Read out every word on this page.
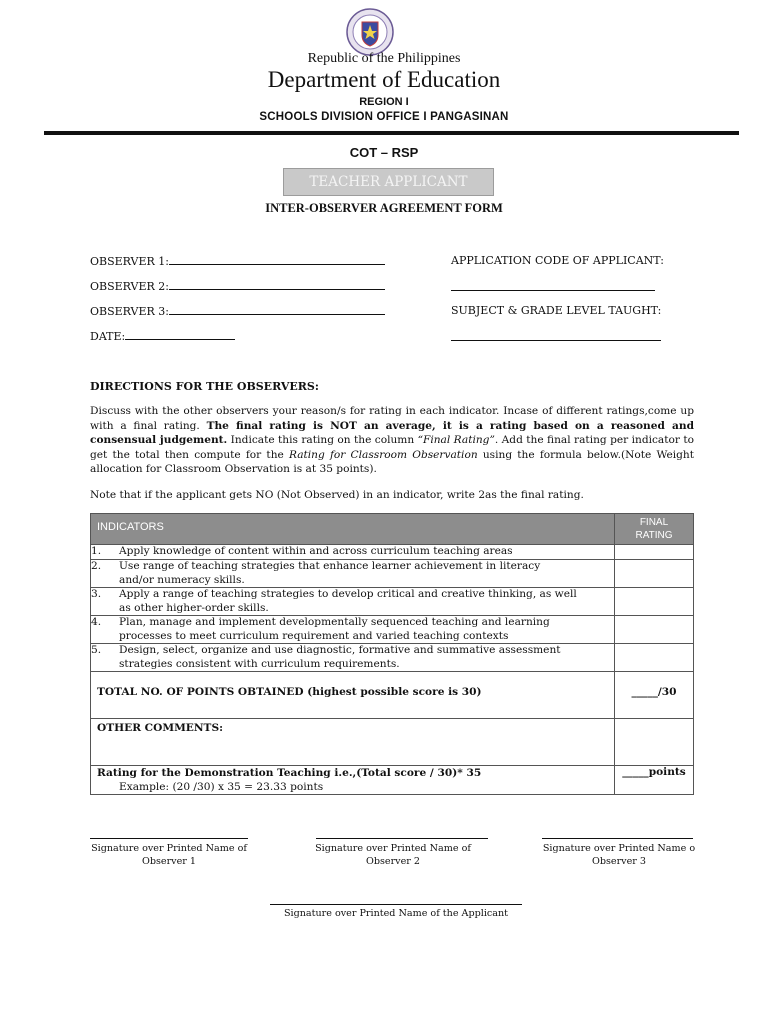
Republic of the Philippines
Department of Education
REGION I
SCHOOLS DIVISION OFFICE I PANGASINAN
COT – RSP
TEACHER APPLICANT
INTER-OBSERVER AGREEMENT FORM
OBSERVER 1:
OBSERVER 2:
OBSERVER 3:
DATE:
APPLICATION CODE OF APPLICANT:
SUBJECT & GRADE LEVEL TAUGHT:
DIRECTIONS FOR THE OBSERVERS:
Discuss with the other observers your reason/s for rating in each indicator. Incase of different ratings,come up with a final rating. The final rating is NOT an average, it is a rating based on a reasoned and consensual judgement. Indicate this rating on the column “Final Rating”. Add the final rating per indicator to get the total then compute for the Rating for Classroom Observation using the formula below.(Note Weight allocation for Classroom Observation is at 35 points).
Note that if the applicant gets NO (Not Observed) in an indicator, write 2as the final rating.
INDICATORS	FINAL
RATING

1. Apply knowledge of content within and across curriculum teaching areas	
2. Use range of teaching strategies that enhance learner achievement in literacy
and/or numeracy skills.	

3. Apply a range of teaching strategies to develop critical and creative thinking, as well
as other higher-order skills.	

4. Plan, manage and implement developmentally sequenced teaching and learning
processes to meet curriculum requirement and varied teaching contexts	

5. Design, select, organize and use diagnostic, formative and summative assessment
strategies consistent with curriculum requirements.	

TOTAL NO. OF POINTS OBTAINED (highest possible score is 30)	_____/30
OTHER COMMENTS:	
Rating for the Demonstration Teaching i.e.,(Total score / 30)* 35
Example: (20 /30) x 35 = 23.33 points	_____points
Signature over Printed Name of
Observer 1
Signature over Printed Name of
Observer 2
Signature over Printed Name o
Observer 3
Signature over Printed Name of the Applicant
